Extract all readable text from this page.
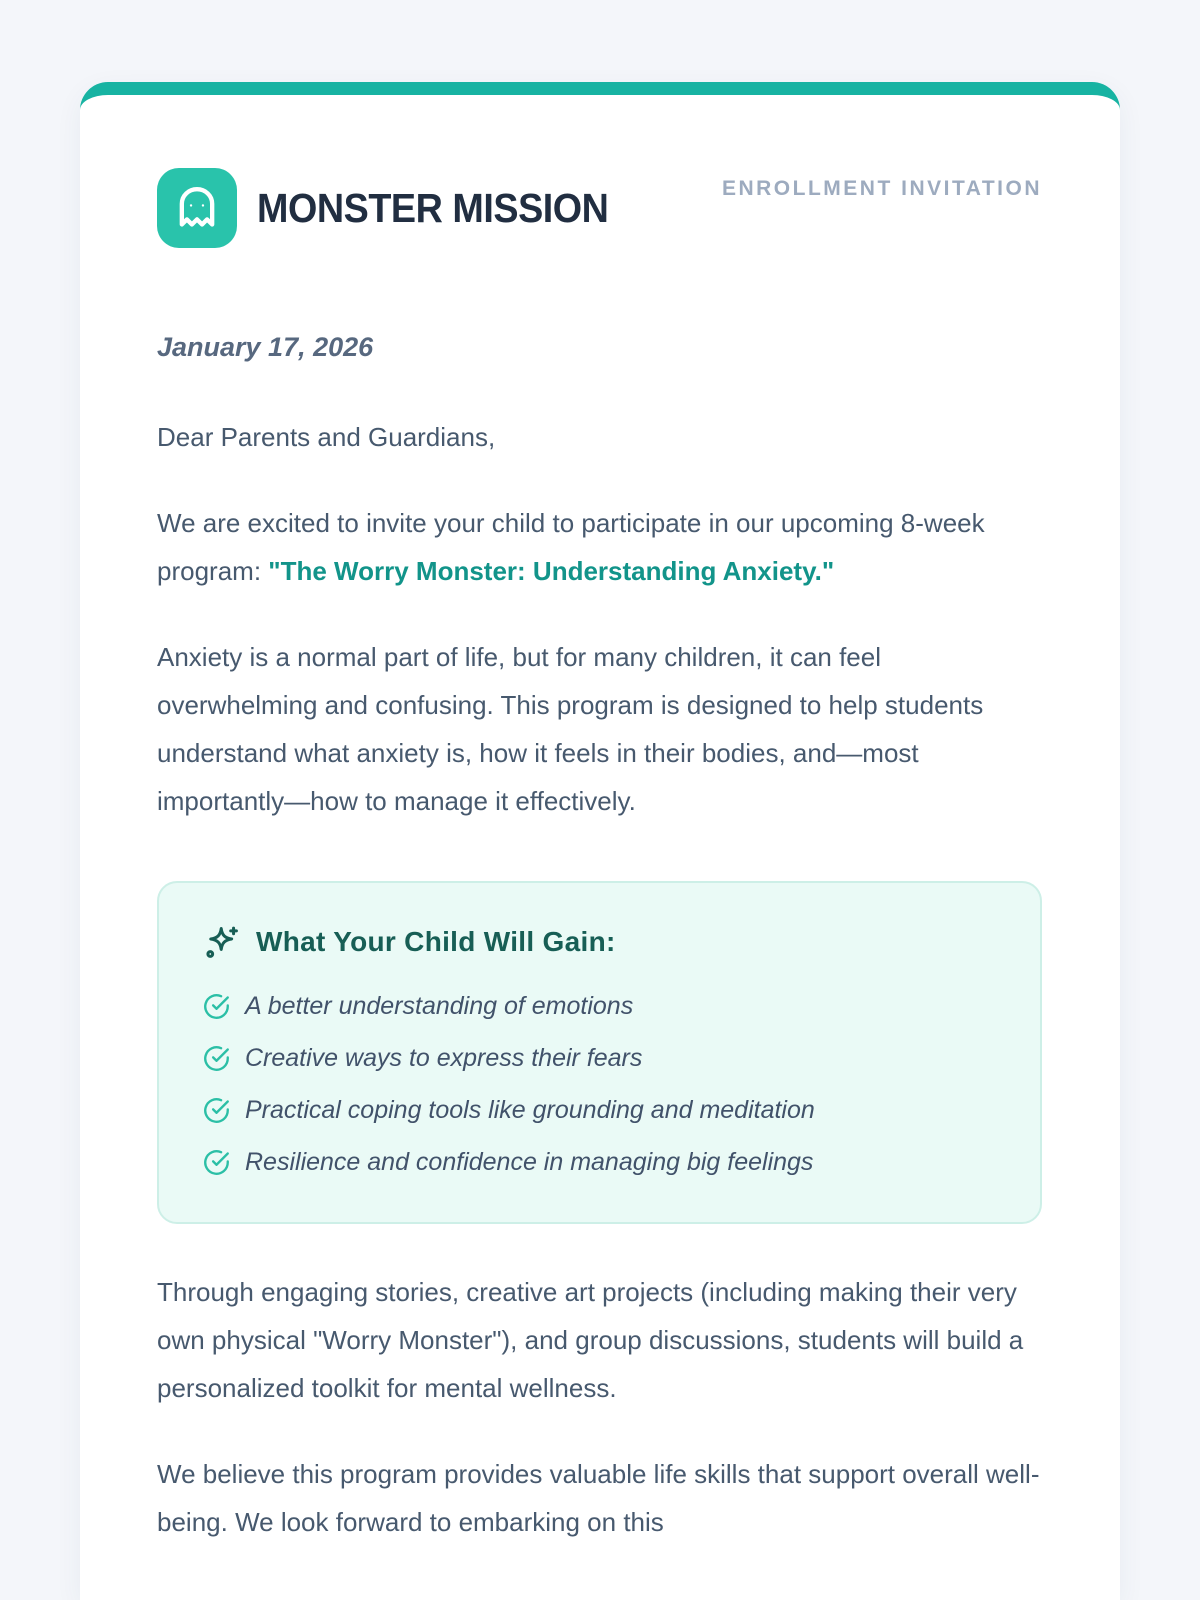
MONSTER MISSION	ENROLLMENT INVITATION
January 17, 2026

Dear Parents and Guardians,

We are excited to invite your child to participate in our upcoming 8-week program: "The Worry Monster: Understanding Anxiety."

Anxiety is a normal part of life, but for many children, it can feel overwhelming and confusing. This program is designed to help students understand what anxiety is, how it feels in their bodies, and—most importantly—how to manage it effectively.

What Your Child Will Gain:
A better understanding of emotions
Creative ways to express their fears
Practical coping tools like grounding and meditation
Resilience and confidence in managing big feelings

Through engaging stories, creative art projects (including making their very own physical "Worry Monster"), and group discussions, students will build a personalized toolkit for mental wellness.

We believe this program provides valuable life skills that support overall well-being. We look forward to embarking on this
